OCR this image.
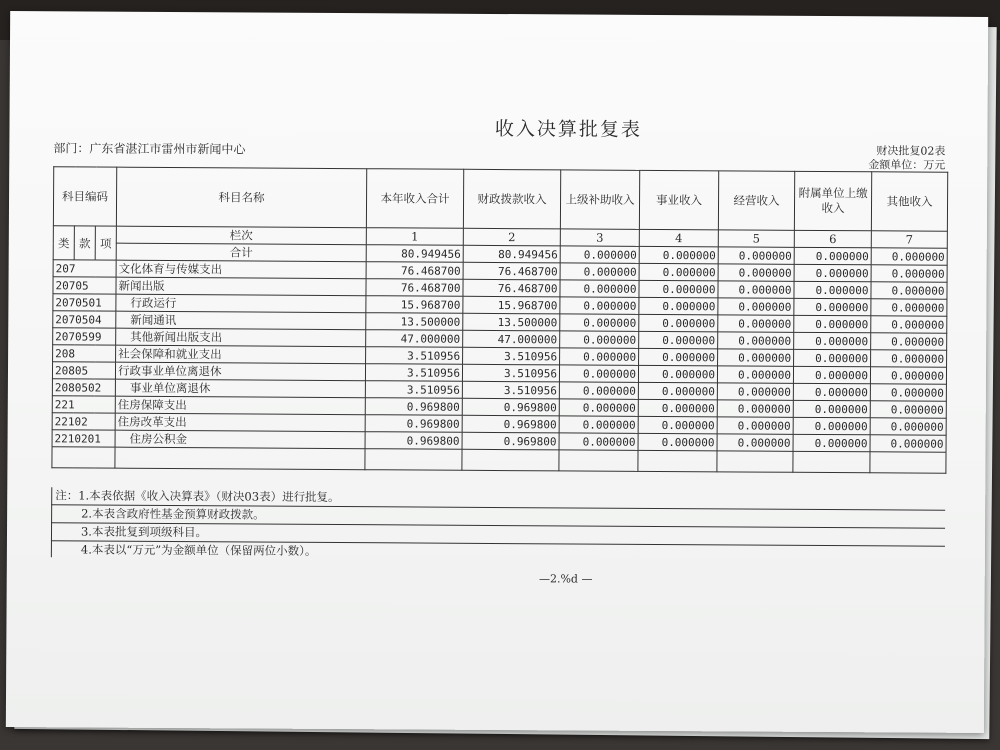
收入决算批复表
部门：广东省湛江市雷州市新闻中心	财决批复02表
金额单位：万元
科目编码			科目名称	本年收入合计	财政拨款收入	上级补助收入	事业收入	经营收入	附属单位上缴收入	其他收入
类	款	项	栏次	1	2	3	4	5	6	7
			合计	80.949456	80.949456	0.000000	0.000000	0.000000	0.000000	0.000000
207			文化体育与传媒支出	76.468700	76.468700	0.000000	0.000000	0.000000	0.000000	0.000000
20705			新闻出版	76.468700	76.468700	0.000000	0.000000	0.000000	0.000000	0.000000
2070501			行政运行	15.968700	15.968700	0.000000	0.000000	0.000000	0.000000	0.000000
2070504			新闻通讯	13.500000	13.500000	0.000000	0.000000	0.000000	0.000000	0.000000
2070599			其他新闻出版支出	47.000000	47.000000	0.000000	0.000000	0.000000	0.000000	0.000000
208			社会保障和就业支出	3.510956	3.510956	0.000000	0.000000	0.000000	0.000000	0.000000
20805			行政事业单位离退休	3.510956	3.510956	0.000000	0.000000	0.000000	0.000000	0.000000
2080502			事业单位离退休	3.510956	3.510956	0.000000	0.000000	0.000000	0.000000	0.000000
221			住房保障支出	0.969800	0.969800	0.000000	0.000000	0.000000	0.000000	0.000000
22102			住房改革支出	0.969800	0.969800	0.000000	0.000000	0.000000	0.000000	0.000000
2210201			住房公积金	0.969800	0.969800	0.000000	0.000000	0.000000	0.000000	0.000000

注：1.本表依据《收入决算表》（财决03表）进行批复。
2.本表含政府性基金预算财政拨款。
3.本表批复到项级科目。
4.本表以“万元”为金额单位（保留两位小数）。
—2.%d —
